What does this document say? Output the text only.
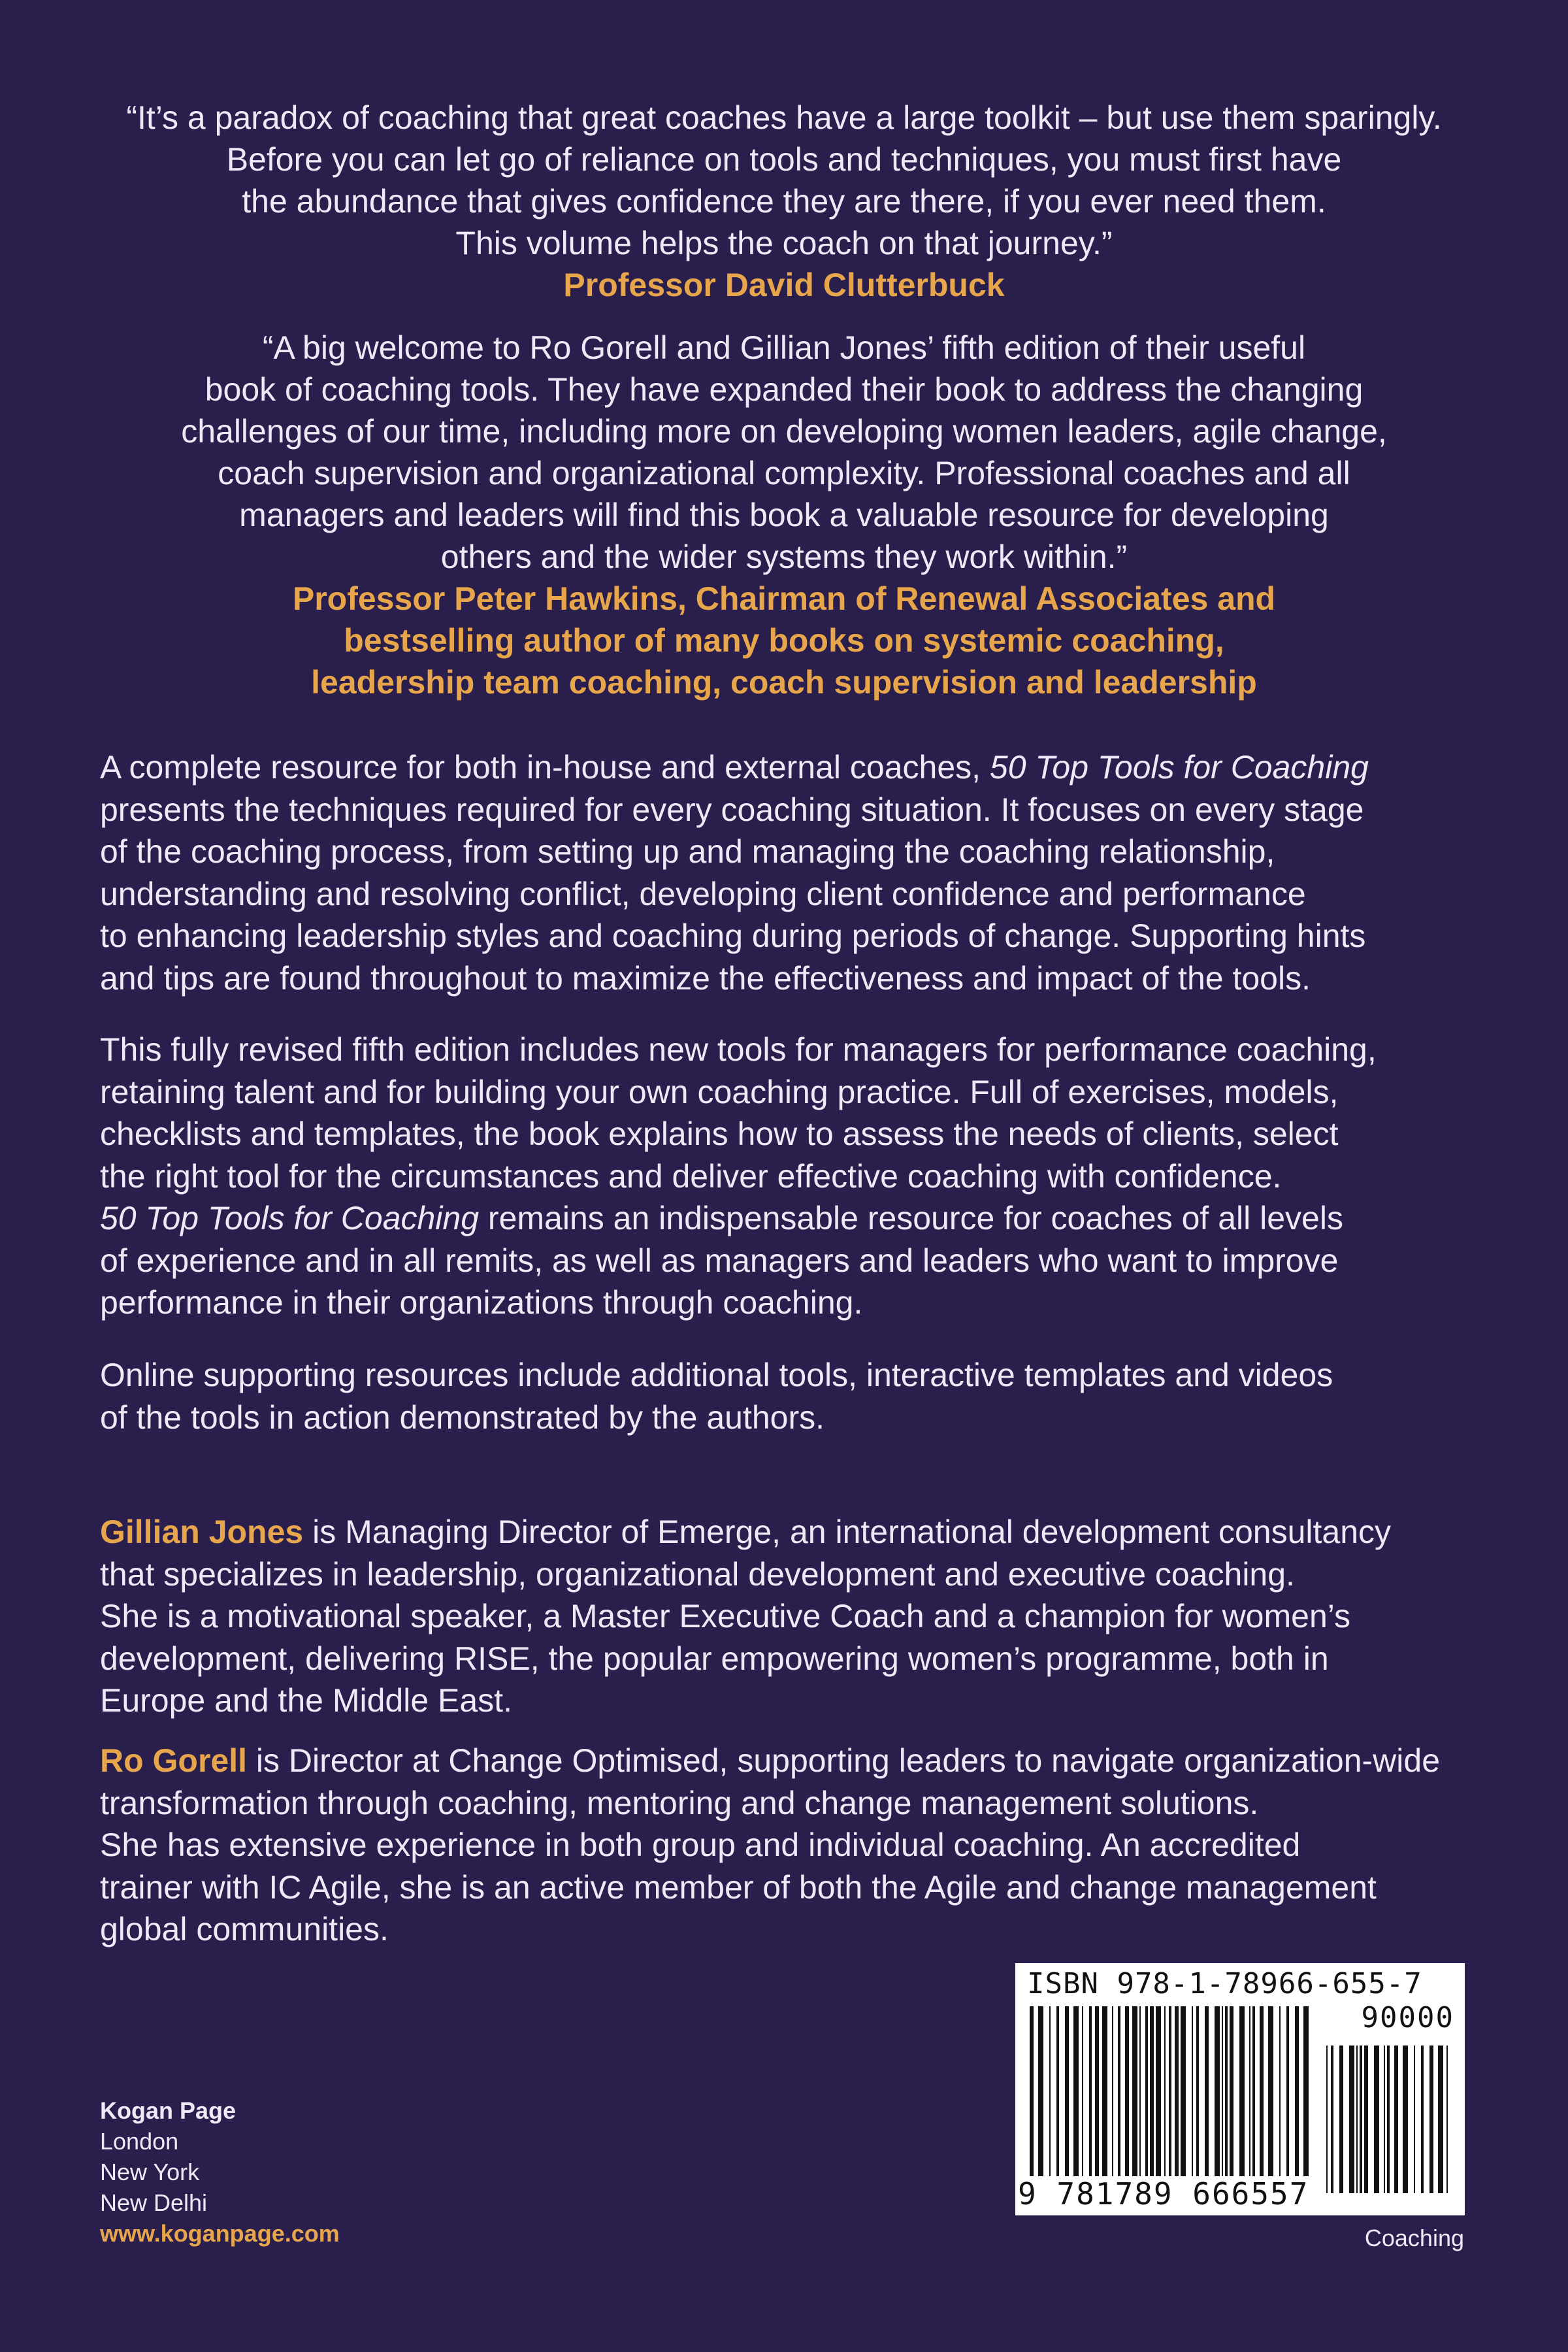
“It’s a paradox of coaching that great coaches have a large toolkit – but use them sparingly.
Before you can let go of reliance on tools and techniques, you must first have
the abundance that gives confidence they are there, if you ever need them.
This volume helps the coach on that journey.”
Professor David Clutterbuck
“A big welcome to Ro Gorell and Gillian Jones’ fifth edition of their useful
book of coaching tools. They have expanded their book to address the changing
challenges of our time, including more on developing women leaders, agile change,
coach supervision and organizational complexity. Professional coaches and all
managers and leaders will find this book a valuable resource for developing
others and the wider systems they work within.”
Professor Peter Hawkins, Chairman of Renewal Associates and
bestselling author of many books on systemic coaching,
leadership team coaching, coach supervision and leadership
A complete resource for both in-house and external coaches, 50 Top Tools for Coaching
presents the techniques required for every coaching situation. It focuses on every stage
of the coaching process, from setting up and managing the coaching relationship,
understanding and resolving conflict, developing client confidence and performance
to enhancing leadership styles and coaching during periods of change. Supporting hints
and tips are found throughout to maximize the effectiveness and impact of the tools.
This fully revised fifth edition includes new tools for managers for performance coaching,
retaining talent and for building your own coaching practice. Full of exercises, models,
checklists and templates, the book explains how to assess the needs of clients, select
the right tool for the circumstances and deliver effective coaching with confidence.
50 Top Tools for Coaching remains an indispensable resource for coaches of all levels
of experience and in all remits, as well as managers and leaders who want to improve
performance in their organizations through coaching.
Online supporting resources include additional tools, interactive templates and videos
of the tools in action demonstrated by the authors.
Gillian Jones is Managing Director of Emerge, an international development consultancy
that specializes in leadership, organizational development and executive coaching.
She is a motivational speaker, a Master Executive Coach and a champion for women’s
development, delivering RISE, the popular empowering women’s programme, both in
Europe and the Middle East.
Ro Gorell is Director at Change Optimised, supporting leaders to navigate organization-wide
transformation through coaching, mentoring and change management solutions.
She has extensive experience in both group and individual coaching. An accredited
trainer with IC Agile, she is an active member of both the Agile and change management
global communities.
Kogan Page
London
New York
New Delhi
www.koganpage.com
ISBN 978-1-78966-655-7
90000
9 781789 666557
Coaching
